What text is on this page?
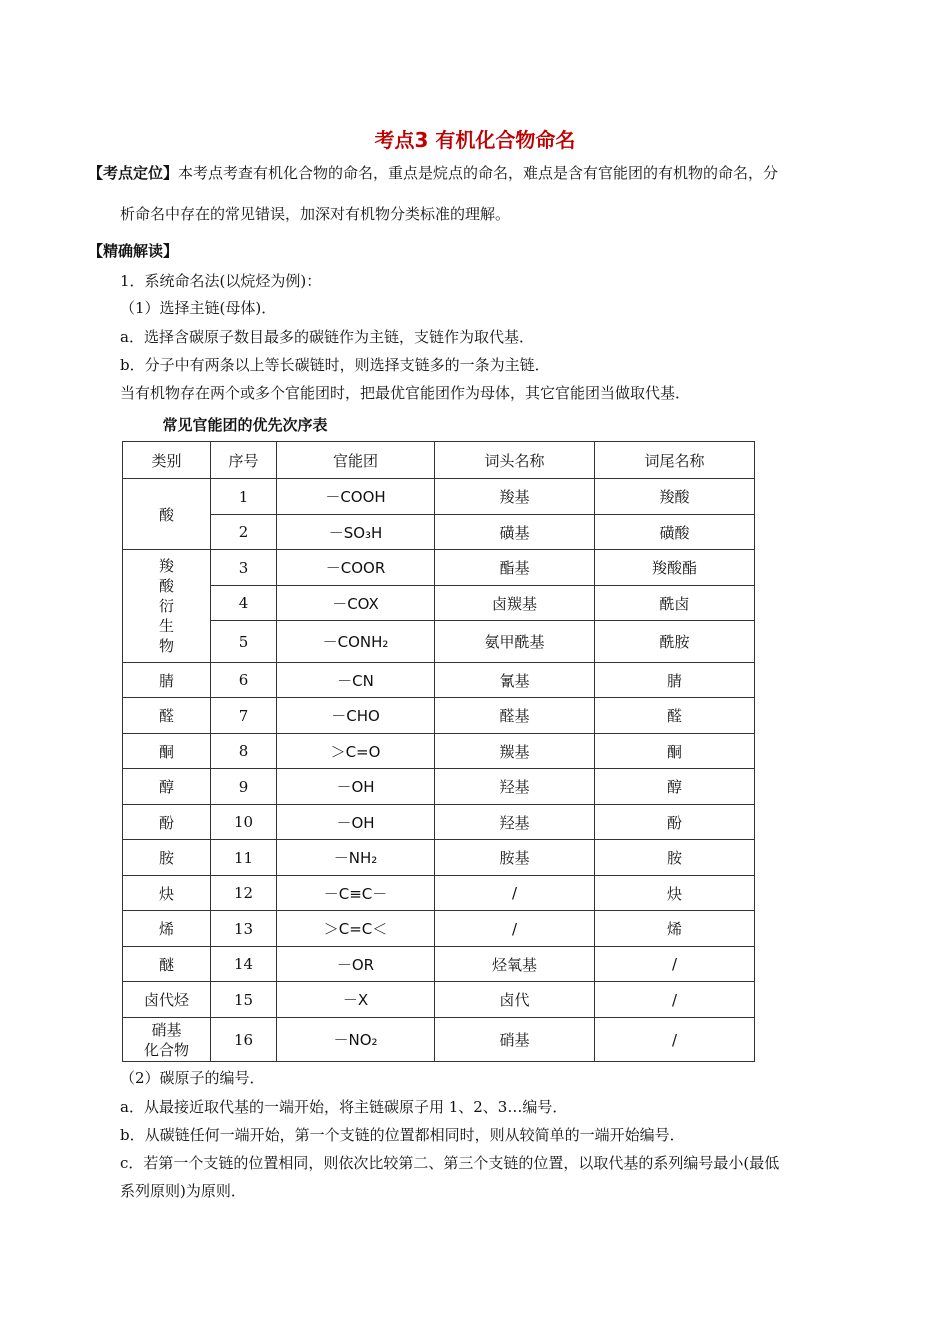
考点3 有机化合物命名
【考点定位】本考点考查有机化合物的命名，重点是烷点的命名，难点是含有官能团的有机物的命名，分
析命名中存在的常见错误，加深对有机物分类标准的理解。
【精确解读】
1．系统命名法(以烷烃为例)：
（1）选择主链(母体)．
a．选择含碳原子数目最多的碳链作为主链，支链作为取代基．
b．分子中有两条以上等长碳链时，则选择支链多的一条为主链．
当有机物存在两个或多个官能团时，把最优官能团作为母体，其它官能团当做取代基．
常见官能团的优先次序表
类别	序号	官能团	词头名称	词尾名称
酸	1	－COOH	羧基	羧酸
	2	－SO₃H	磺基	磺酸
羧
酸
衍
生
物	3	－COOR	酯基	羧酸酯
	4	－COX	卤羰基	酰卤
	5	－CONH₂	氨甲酰基	酰胺
腈	6	－CN	氰基	腈
醛	7	－CHO	醛基	醛
酮	8	＞C=O	羰基	酮
醇	9	－OH	羟基	醇
酚	10	－OH	羟基	酚
胺	11	－NH₂	胺基	胺
炔	12	－C≡C－	/	炔
烯	13	＞C=C＜	/	烯
醚	14	－OR	烃氧基	/
卤代烃	15	－X	卤代	/
硝基
化合物	16	－NO₂	硝基	/
（2）碳原子的编号．
a．从最接近取代基的一端开始，将主链碳原子用 1、2、3…编号．
b．从碳链任何一端开始，第一个支链的位置都相同时，则从较简单的一端开始编号．
c．若第一个支链的位置相同，则依次比较第二、第三个支链的位置，以取代基的系列编号最小(最低
系列原则)为原则．
